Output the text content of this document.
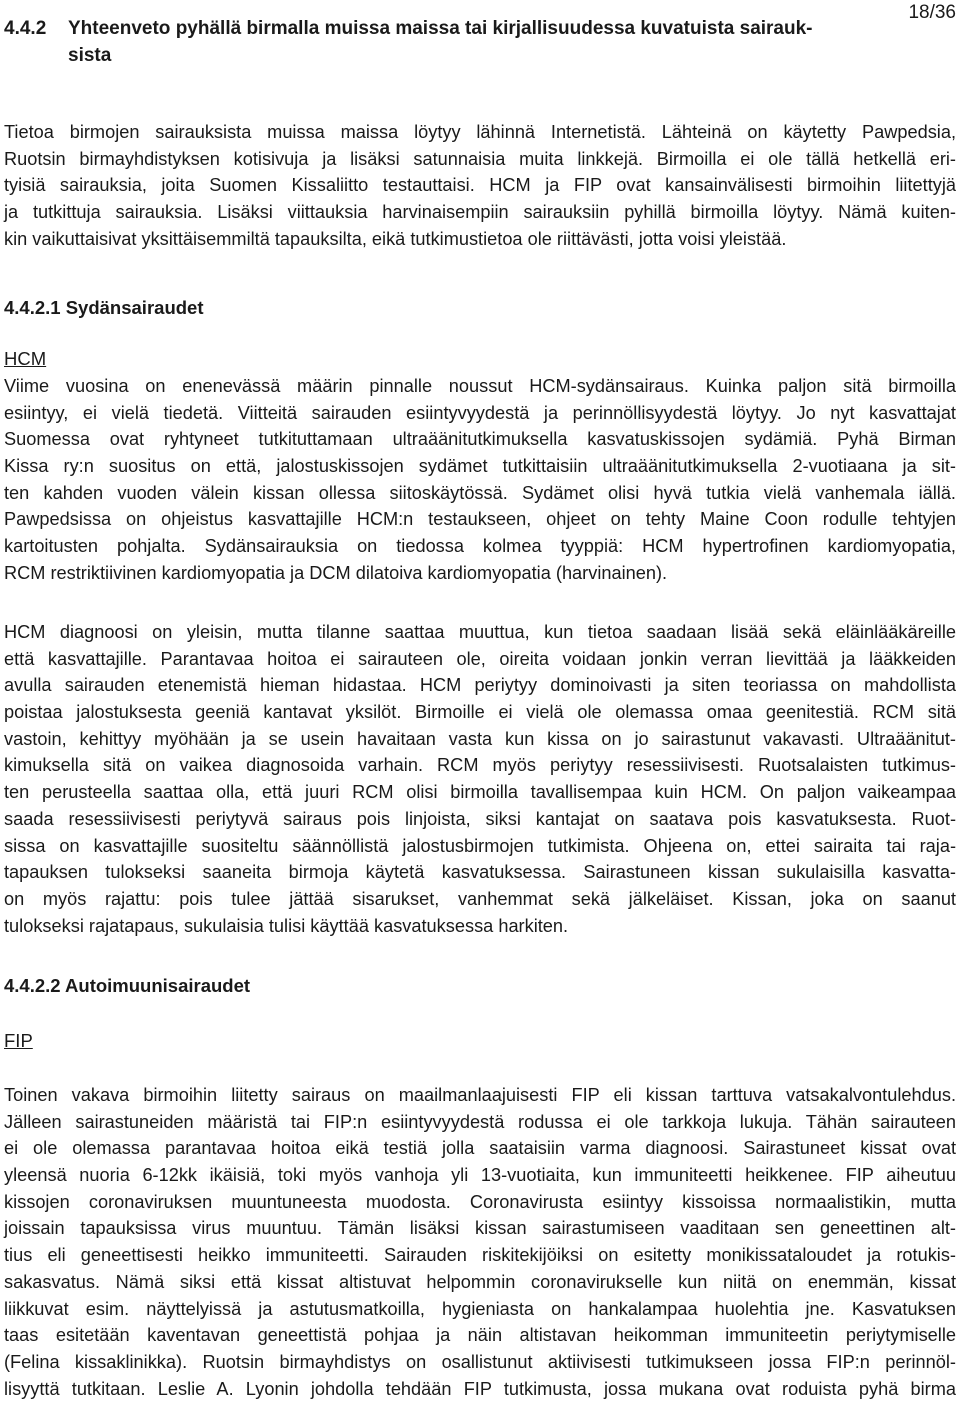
18/36
4.4.2 Yhteenveto pyhällä birmalla muissa maissa tai kirjallisuudessa kuvatuista sairauk-
sista
Tietoa birmojen sairauksista muissa maissa löytyy lähinnä Internetistä. Lähteinä on käytetty Pawpedsia,
Ruotsin birmayhdistyksen kotisivuja ja lisäksi satunnaisia muita linkkejä. Birmoilla ei ole tällä hetkellä eri-
tyisiä sairauksia, joita Suomen Kissaliitto testauttaisi. HCM ja FIP ovat kansainvälisesti birmoihin liitettyjä
ja tutkittuja sairauksia. Lisäksi viittauksia harvinaisempiin sairauksiin pyhillä birmoilla löytyy. Nämä kuiten-
kin vaikuttaisivat yksittäisemmiltä tapauksilta, eikä tutkimustietoa ole riittävästi, jotta voisi yleistää.
4.4.2.1 Sydänsairaudet
HCM
Viime vuosina on enenevässä määrin pinnalle noussut HCM-sydänsairaus. Kuinka paljon sitä birmoilla
esiintyy, ei vielä tiedetä. Viitteitä sairauden esiintyvyydestä ja perinnöllisyydestä löytyy. Jo nyt kasvattajat
Suomessa ovat ryhtyneet tutkituttamaan ultraäänitutkimuksella kasvatuskissojen sydämiä. Pyhä Birman
Kissa ry:n suositus on että, jalostuskissojen sydämet tutkittaisiin ultraäänitutkimuksella 2-vuotiaana ja sit-
ten kahden vuoden välein kissan ollessa siitoskäytössä. Sydämet olisi hyvä tutkia vielä vanhemala iällä.
Pawpedsissa on ohjeistus kasvattajille HCM:n testaukseen, ohjeet on tehty Maine Coon rodulle tehtyjen
kartoitusten pohjalta. Sydänsairauksia on tiedossa kolmea tyyppiä: HCM hypertrofinen kardiomyopatia,
RCM restriktiivinen kardiomyopatia ja DCM dilatoiva kardiomyopatia (harvinainen).
HCM diagnoosi on yleisin, mutta tilanne saattaa muuttua, kun tietoa saadaan lisää sekä eläinlääkäreille
että kasvattajille. Parantavaa hoitoa ei sairauteen ole, oireita voidaan jonkin verran lievittää ja lääkkeiden
avulla sairauden etenemistä hieman hidastaa. HCM periytyy dominoivasti ja siten teoriassa on mahdollista
poistaa jalostuksesta geeniä kantavat yksilöt. Birmoille ei vielä ole olemassa omaa geenitestiä. RCM sitä
vastoin, kehittyy myöhään ja se usein havaitaan vasta kun kissa on jo sairastunut vakavasti. Ultraäänitut-
kimuksella sitä on vaikea diagnosoida varhain. RCM myös periytyy resessiivisesti. Ruotsalaisten tutkimus-
ten perusteella saattaa olla, että juuri RCM olisi birmoilla tavallisempaa kuin HCM. On paljon vaikeampaa
saada resessiivisesti periytyvä sairaus pois linjoista, siksi kantajat on saatava pois kasvatuksesta. Ruot-
sissa on kasvattajille suositeltu säännöllistä jalostusbirmojen tutkimista. Ohjeena on, ettei sairaita tai raja-
tapauksen tulokseksi saaneita birmoja käytetä kasvatuksessa. Sairastuneen kissan sukulaisilla kasvatta-
on myös rajattu: pois tulee jättää sisarukset, vanhemmat sekä jälkeläiset. Kissan, joka on saanut
tulokseksi rajatapaus, sukulaisia tulisi käyttää kasvatuksessa harkiten.
4.4.2.2 Autoimuunisairaudet
FIP
Toinen vakava birmoihin liitetty sairaus on maailmanlaajuisesti FIP eli kissan tarttuva vatsakalvontulehdus.
Jälleen sairastuneiden määristä tai FIP:n esiintyvyydestä rodussa ei ole tarkkoja lukuja. Tähän sairauteen
ei ole olemassa parantavaa hoitoa eikä testiä jolla saataisiin varma diagnoosi. Sairastuneet kissat ovat
yleensä nuoria 6-12kk ikäisiä, toki myös vanhoja yli 13-vuotiaita, kun immuniteetti heikkenee. FIP aiheutuu
kissojen coronaviruksen muuntuneesta muodosta. Coronavirusta esiintyy kissoissa normaalistikin, mutta
joissain tapauksissa virus muuntuu. Tämän lisäksi kissan sairastumiseen vaaditaan sen geneettinen alt-
tius eli geneettisesti heikko immuniteetti. Sairauden riskitekijöiksi on esitetty monikissataloudet ja rotukis-
sakasvatus. Nämä siksi että kissat altistuvat helpommin coronavirukselle kun niitä on enemmän, kissat
liikkuvat esim. näyttelyissä ja astutusmatkoilla, hygieniasta on hankalampaa huolehtia jne. Kasvatuksen
taas esitetään kaventavan geneettistä pohjaa ja näin altistavan heikomman immuniteetin periytymiselle
(Felina kissaklinikka). Ruotsin birmayhdistys on osallistunut aktiivisesti tutkimukseen jossa FIP:n perinnöl-
lisyyttä tutkitaan. Leslie A. Lyonin johdolla tehdään FIP tutkimusta, jossa mukana ovat roduista pyhä birma
